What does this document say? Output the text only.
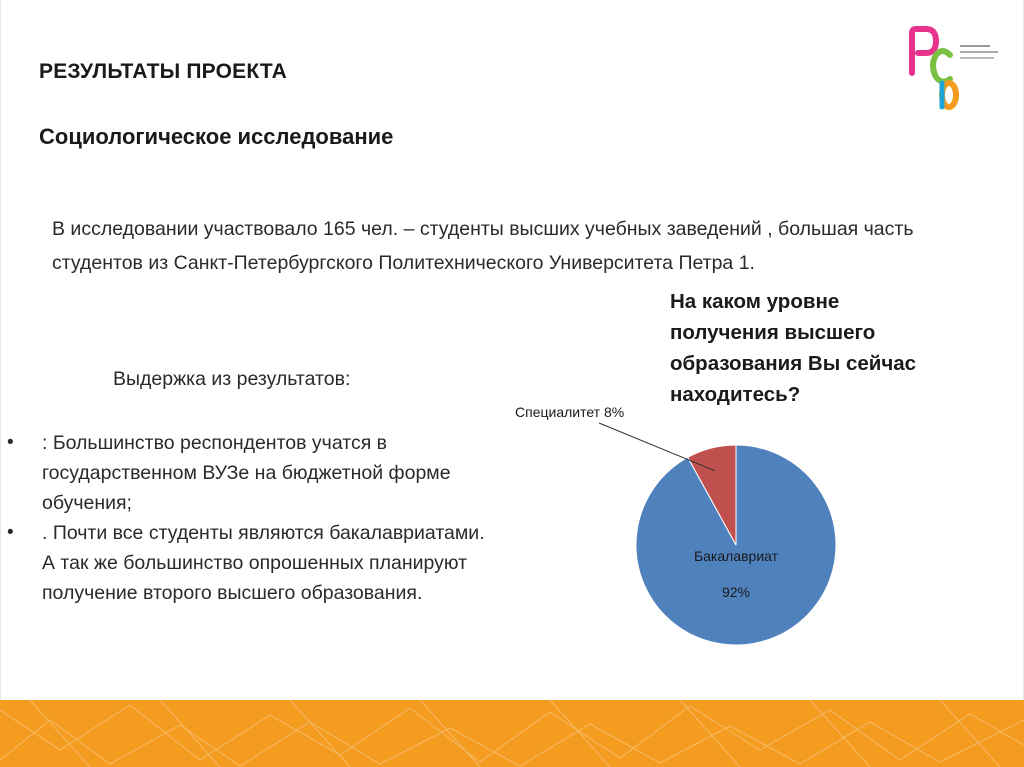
РЕЗУЛЬТАТЫ ПРОЕКТА
Социологическое исследование
В исследовании участвовало 165 чел. – студенты высших учебных заведений , большая часть студентов из Санкт-Петербургского Политехнического Университета Петра 1.
Выдержка из результатов:
• : Большинство респондентов учатся в государственном ВУЗе на бюджетной форме обучения;
• . Почти все студенты являются бакалавриатами. А так же большинство опрошенных планируют получение второго высшего образования.
На каком уровне получения высшего образования Вы сейчас находитесь?
Бакалавриат
92%
Специалитет 8%
